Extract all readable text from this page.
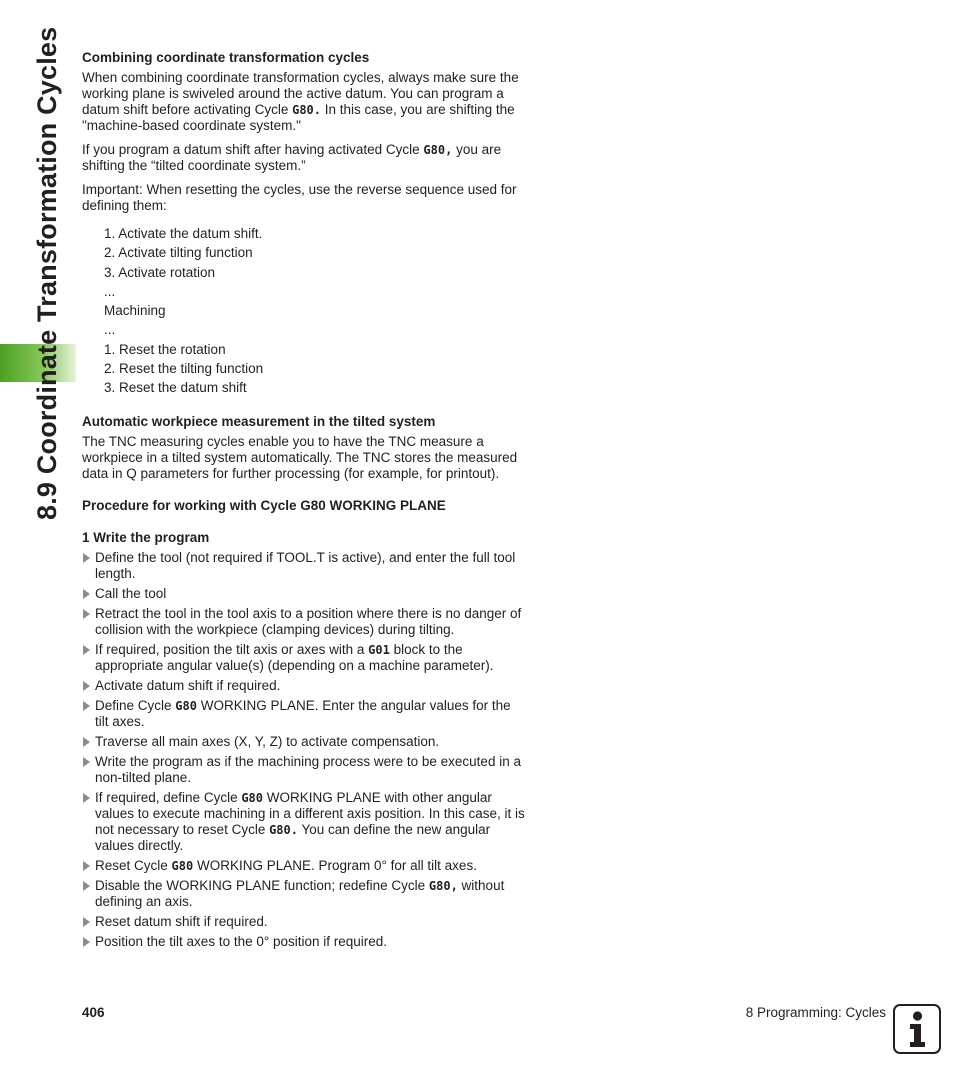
8.9 Coordinate Transformation Cycles Combining coordinate transformation cycles

When combining coordinate transformation cycles, always make sure the working plane is swiveled around the active datum. You can program a datum shift before activating Cycle G80. In this case, you are shifting the "machine-based coordinate system."

If you program a datum shift after having activated Cycle G80, you are shifting the “tilted coordinate system.”

Important: When resetting the cycles, use the reverse sequence used for defining them:

1. Activate the datum shift.
2. Activate tilting function
3. Activate rotation
...
Machining
...
1. Reset the rotation
2. Reset the tilting function
3. Reset the datum shift

Automatic workpiece measurement in the tilted system

The TNC measuring cycles enable you to have the TNC measure a workpiece in a tilted system automatically. The TNC stores the measured data in Q parameters for further processing (for example, for printout).

Procedure for working with Cycle G80 WORKING PLANE

1 Write the program

Define the tool (not required if TOOL.T is active), and enter the full tool length.
Call the tool
Retract the tool in the tool axis to a position where there is no danger of collision with the workpiece (clamping devices) during tilting.
If required, position the tilt axis or axes with a G01 block to the appropriate angular value(s) (depending on a machine parameter).
Activate datum shift if required.
Define Cycle G80 WORKING PLANE. Enter the angular values for the tilt axes.
Traverse all main axes (X, Y, Z) to activate compensation.
Write the program as if the machining process were to be executed in a non-tilted plane.
If required, define Cycle G80 WORKING PLANE with other angular values to execute machining in a different axis position. In this case, it is not necessary to reset Cycle G80. You can define the new angular values directly.
Reset Cycle G80 WORKING PLANE. Program 0° for all tilt axes.
Disable the WORKING PLANE function; redefine Cycle G80, without defining an axis.
Reset datum shift if required.
Position the tilt axes to the 0° position if required.
406	8 Programming: Cycles
